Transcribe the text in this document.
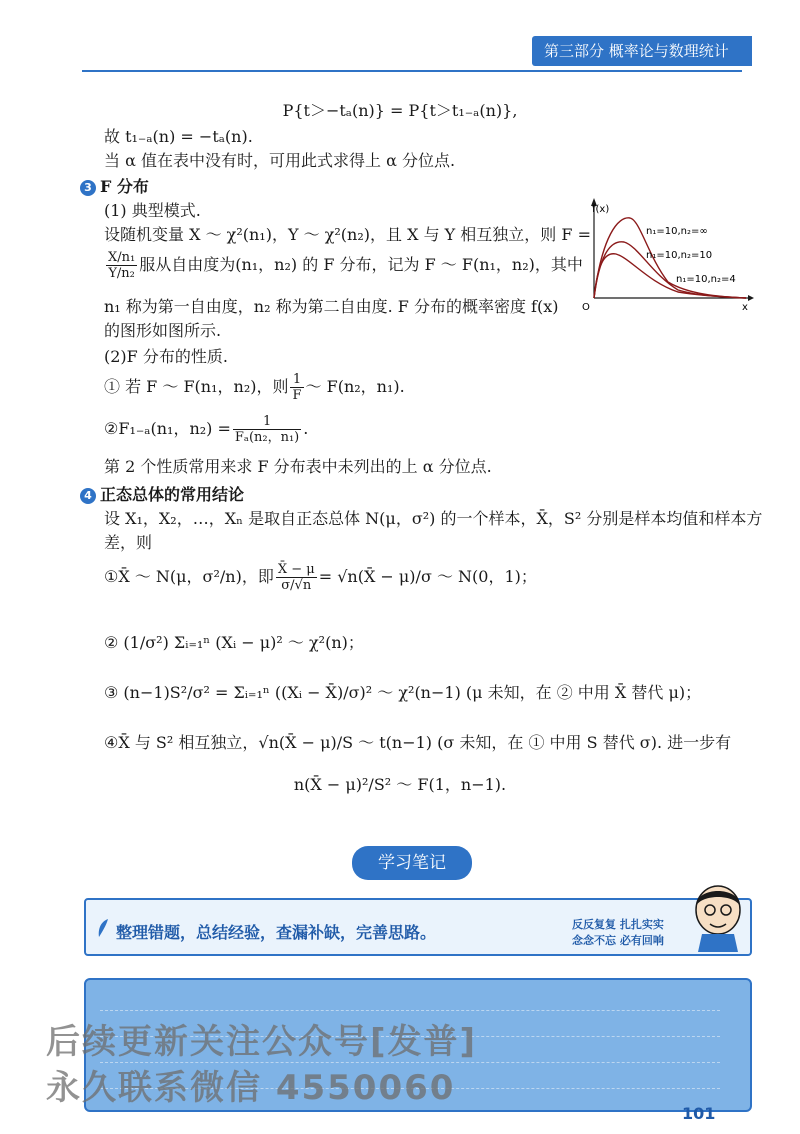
第三部分 概率论与数理统计
P{t＞−tₐ(n)} = P{t＞t₁₋ₐ(n)},
故 t₁₋ₐ(n) = −tₐ(n).
当 α 值在表中没有时，可用此式求得上 α 分位点.
3 F 分布
(1) 典型模式.
设随机变量 X ～ χ²(n₁)，Y ～ χ²(n₂)，且 X 与 Y 相互独立，则 F =
$\frac{\text{X/n₁}}{\text{Y/n₂}}$ 服从自由度为(n₁，n₂) 的 F 分布，记为 F ～ F(n₁，n₂)，其中
n₁ 称为第一自由度，n₂ 称为第二自由度. F 分布的概率密度 f(x)
的图形如图所示.
(2)F 分布的性质.
① 若 F ～ F(n₁，n₂)，则 $\frac{1}{F}$ ～ F(n₂，n₁).
②F₁₋ₐ(n₁，$n_2) = \frac{1}{\text{Fₐ(n₂，n₁)}}$ .
第 2 个性质常用来求 F 分布表中未列出的上 α 分位点.
f(x)
x
O
n₁=10,n₂=∞
n₁=10,n₂=10
n₁=10,n₂=4
4 正态总体的常用结论
设 X₁，X₂，…，Xₙ 是取自正态总体 N(μ，σ²) 的一个样本，X̄，S² 分别是样本均值和样本方
差，则
①X̄ ～ N(μ，σ²/n)，即 $\frac{X̄ - \mu}{\sigma/√n}$ = √n(X̄ − μ)/σ ～ N(0，1)；
② (1/σ²) Σᵢ₌₁ⁿ (Xᵢ − μ)² ～ χ²(n)；
③ (n−1)S²/σ² = Σᵢ₌₁ⁿ ((Xᵢ − X̄)/σ)² ～ χ²(n−1) (μ 未知，在 ② 中用 X̄ 替代 μ)；
④X̄ 与 S² 相互独立，√n(X̄ − μ)/S ～ t(n−1) (σ 未知，在 ① 中用 S 替代 σ). 进一步有
n(X̄ − μ)²/S² ～ F(1，n−1).
学习笔记
整理错题，总结经验，查漏补缺，完善思路。	反反复复 扎扎实实
念念不忘 必有回响
后续更新关注公众号[发普]
永久联系微信 4550060
101
